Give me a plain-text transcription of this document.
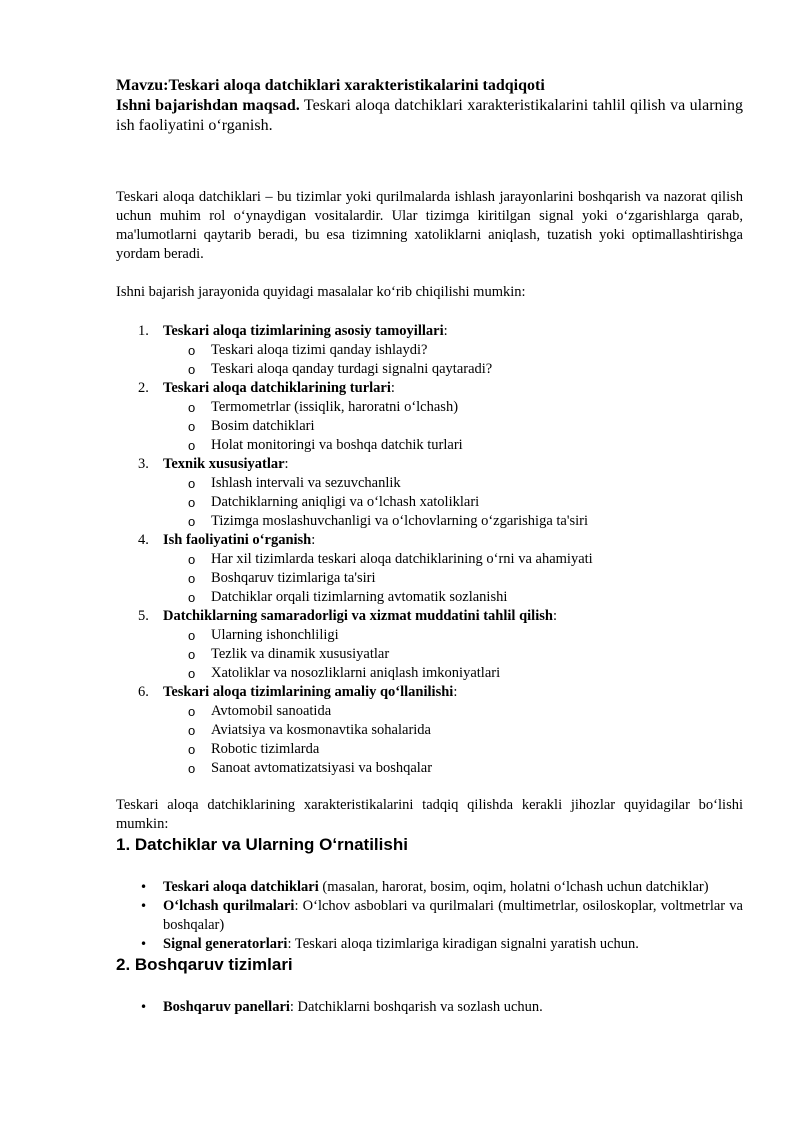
Mavzu:Teskari aloqa datchiklari xarakteristikalarini tadqiqoti

Ishni bajarishdan maqsad. Teskari aloqa datchiklari xarakteristikalarini tahlil qilish va ularning ish faoliyatini oʻrganish.

Teskari aloqa datchiklari – bu tizimlar yoki qurilmalarda ishlash jarayonlarini boshqarish va nazorat qilish uchun muhim rol oʻynaydigan vositalardir. Ular tizimga kiritilgan signal yoki oʻzgarishlarga qarab, ma'lumotlarni qaytarib beradi, bu esa tizimning xatoliklarni aniqlash, tuzatish yoki optimallashtirishga yordam beradi.

Ishni bajarish jarayonida quyidagi masalalar koʻrib chiqilishi mumkin:

1. Teskari aloqa tizimlarining asosiy tamoyillari:
o Teskari aloqa tizimi qanday ishlaydi?
o Teskari aloqa qanday turdagi signalni qaytaradi?
2. Teskari aloqa datchiklarining turlari:
o Termometrlar (issiqlik, haroratni oʻlchash)
o Bosim datchiklari
o Holat monitoringi va boshqa datchik turlari
3. Texnik xususiyatlar:
o Ishlash intervali va sezuvchanlik
o Datchiklarning aniqligi va oʻlchash xatoliklari
o Tizimga moslashuvchanligi va oʻlchovlarning oʻzgarishiga ta'siri
4. Ish faoliyatini oʻrganish:
o Har xil tizimlarda teskari aloqa datchiklarining oʻrni va ahamiyati
o Boshqaruv tizimlariga ta'siri
o Datchiklar orqali tizimlarning avtomatik sozlanishi
5. Datchiklarning samaradorligi va xizmat muddatini tahlil qilish:
o Ularning ishonchliligi
o Tezlik va dinamik xususiyatlar
o Xatoliklar va nosozliklarni aniqlash imkoniyatlari
6. Teskari aloqa tizimlarining amaliy qoʻllanilishi:
o Avtomobil sanoatida
o Aviatsiya va kosmonavtika sohalarida
o Robotic tizimlarda
o Sanoat avtomatizatsiyasi va boshqalar

Teskari aloqa datchiklarining xarakteristikalarini tadqiq qilishda kerakli jihozlar quyidagilar boʻlishi mumkin:

1. Datchiklar va Ularning Oʻrnatilishi
• Teskari aloqa datchiklari (masalan, harorat, bosim, oqim, holatni oʻlchash uchun datchiklar)
• Oʻlchash qurilmalari: Oʻlchov asboblari va qurilmalari (multimetrlar, osiloskoplar, voltmetrlar va boshqalar)
• Signal generatorlari: Teskari aloqa tizimlariga kiradigan signalni yaratish uchun.
2. Boshqaruv tizimlari
• Boshqaruv panellari: Datchiklarni boshqarish va sozlash uchun.
